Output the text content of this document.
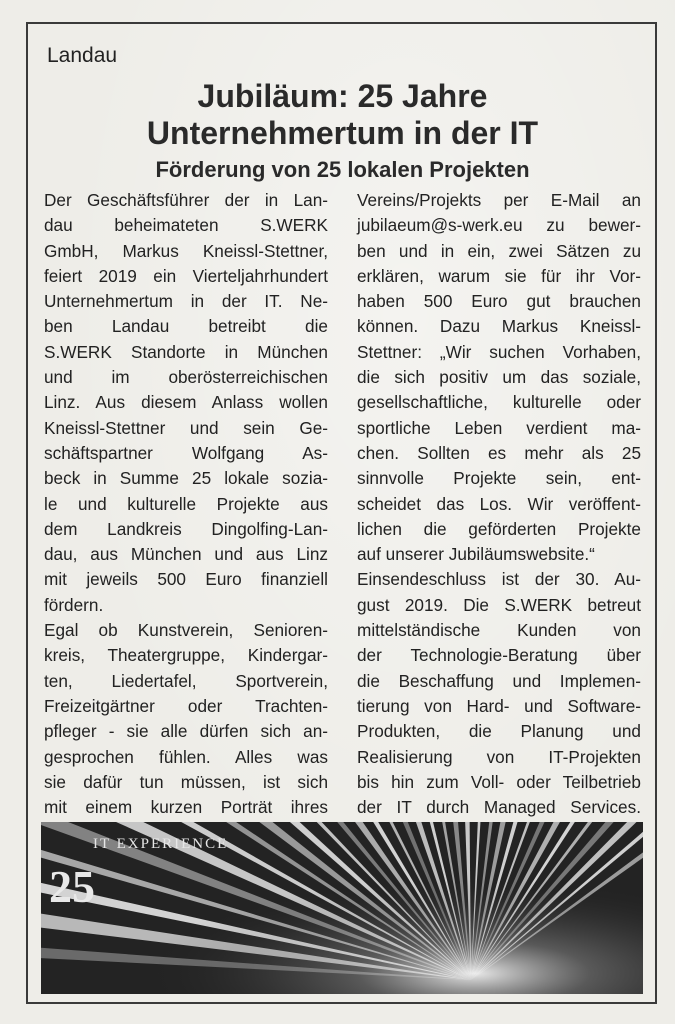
Landau
Jubiläum: 25 Jahre
Unternehmertum in der IT
Förderung von 25 lokalen Projekten
Der Geschäftsführer der in Lan-
dau beheimateten S.WERK
GmbH, Markus Kneissl-Stettner,
feiert 2019 ein Vierteljahrhundert
Unternehmertum in der IT. Ne-
ben Landau betreibt die
S.WERK Standorte in München
und im oberösterreichischen
Linz. Aus diesem Anlass wollen
Kneissl-Stettner und sein Ge-
schäftspartner Wolfgang As-
beck in Summe 25 lokale sozia-
le und kulturelle Projekte aus
dem Landkreis Dingolfing-Lan-
dau, aus München und aus Linz
mit jeweils 500 Euro finanziell
fördern.
Egal ob Kunstverein, Senioren-
kreis, Theatergruppe, Kindergar-
ten, Liedertafel, Sportverein,
Freizeitgärtner oder Trachten-
pfleger - sie alle dürfen sich an-
gesprochen fühlen. Alles was
sie dafür tun müssen, ist sich
mit einem kurzen Porträt ihres
Vereins/Projekts per E-Mail an
jubilaeum@s-werk.eu zu bewer-
ben und in ein, zwei Sätzen zu
erklären, warum sie für ihr Vor-
haben 500 Euro gut brauchen
können. Dazu Markus Kneissl-
Stettner: „Wir suchen Vorhaben,
die sich positiv um das soziale,
gesellschaftliche, kulturelle oder
sportliche Leben verdient ma-
chen. Sollten es mehr als 25
sinnvolle Projekte sein, ent-
scheidet das Los. Wir veröffent-
lichen die geförderten Projekte
auf unserer Jubiläumswebsite.“
Einsendeschluss ist der 30. Au-
gust 2019. Die S.WERK betreut
mittelständische Kunden von
der Technologie-Beratung über
die Beschaffung und Implemen-
tierung von Hard- und Software-
Produkten, die Planung und
Realisierung von IT-Projekten
bis hin zum Voll- oder Teilbetrieb
der IT durch Managed Services.
IT EXPERIENCE
25
